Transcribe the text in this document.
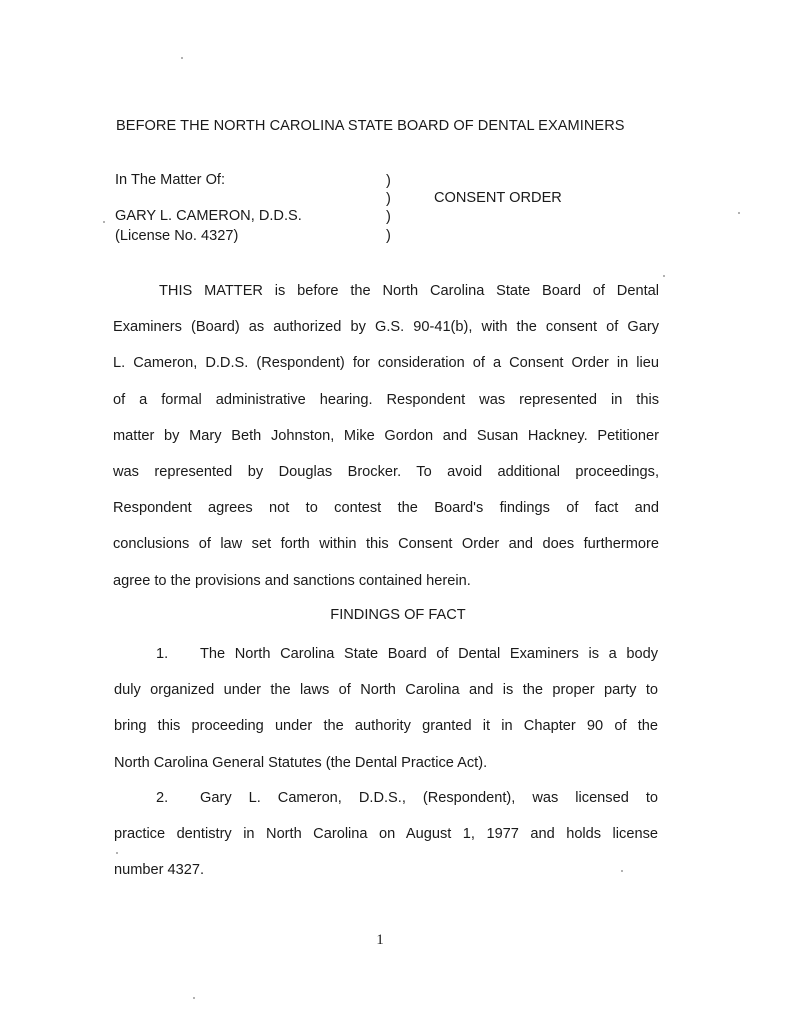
BEFORE THE NORTH CAROLINA STATE BOARD OF DENTAL EXAMINERS
In The Matter Of:
GARY L. CAMERON, D.D.S.
(License No. 4327)
)
)
)
)
CONSENT ORDER
THIS MATTER is before the North Carolina State Board of Dental
Examiners (Board) as authorized by G.S. 90-41(b), with the consent of Gary
L. Cameron, D.D.S. (Respondent) for consideration of a Consent Order in lieu
of a formal administrative hearing. Respondent was represented in this
matter by Mary Beth Johnston, Mike Gordon and Susan Hackney. Petitioner
was represented by Douglas Brocker. To avoid additional proceedings,
Respondent agrees not to contest the Board's findings of fact and
conclusions of law set forth within this Consent Order and does furthermore
agree to the provisions and sanctions contained herein.
FINDINGS OF FACT
1. The North Carolina State Board of Dental Examiners is a body
duly organized under the laws of North Carolina and is the proper party to
bring this proceeding under the authority granted it in Chapter 90 of the
North Carolina General Statutes (the Dental Practice Act).
2. Gary L. Cameron, D.D.S., (Respondent), was licensed to
practice dentistry in North Carolina on August 1, 1977 and holds license
number 4327.
1
